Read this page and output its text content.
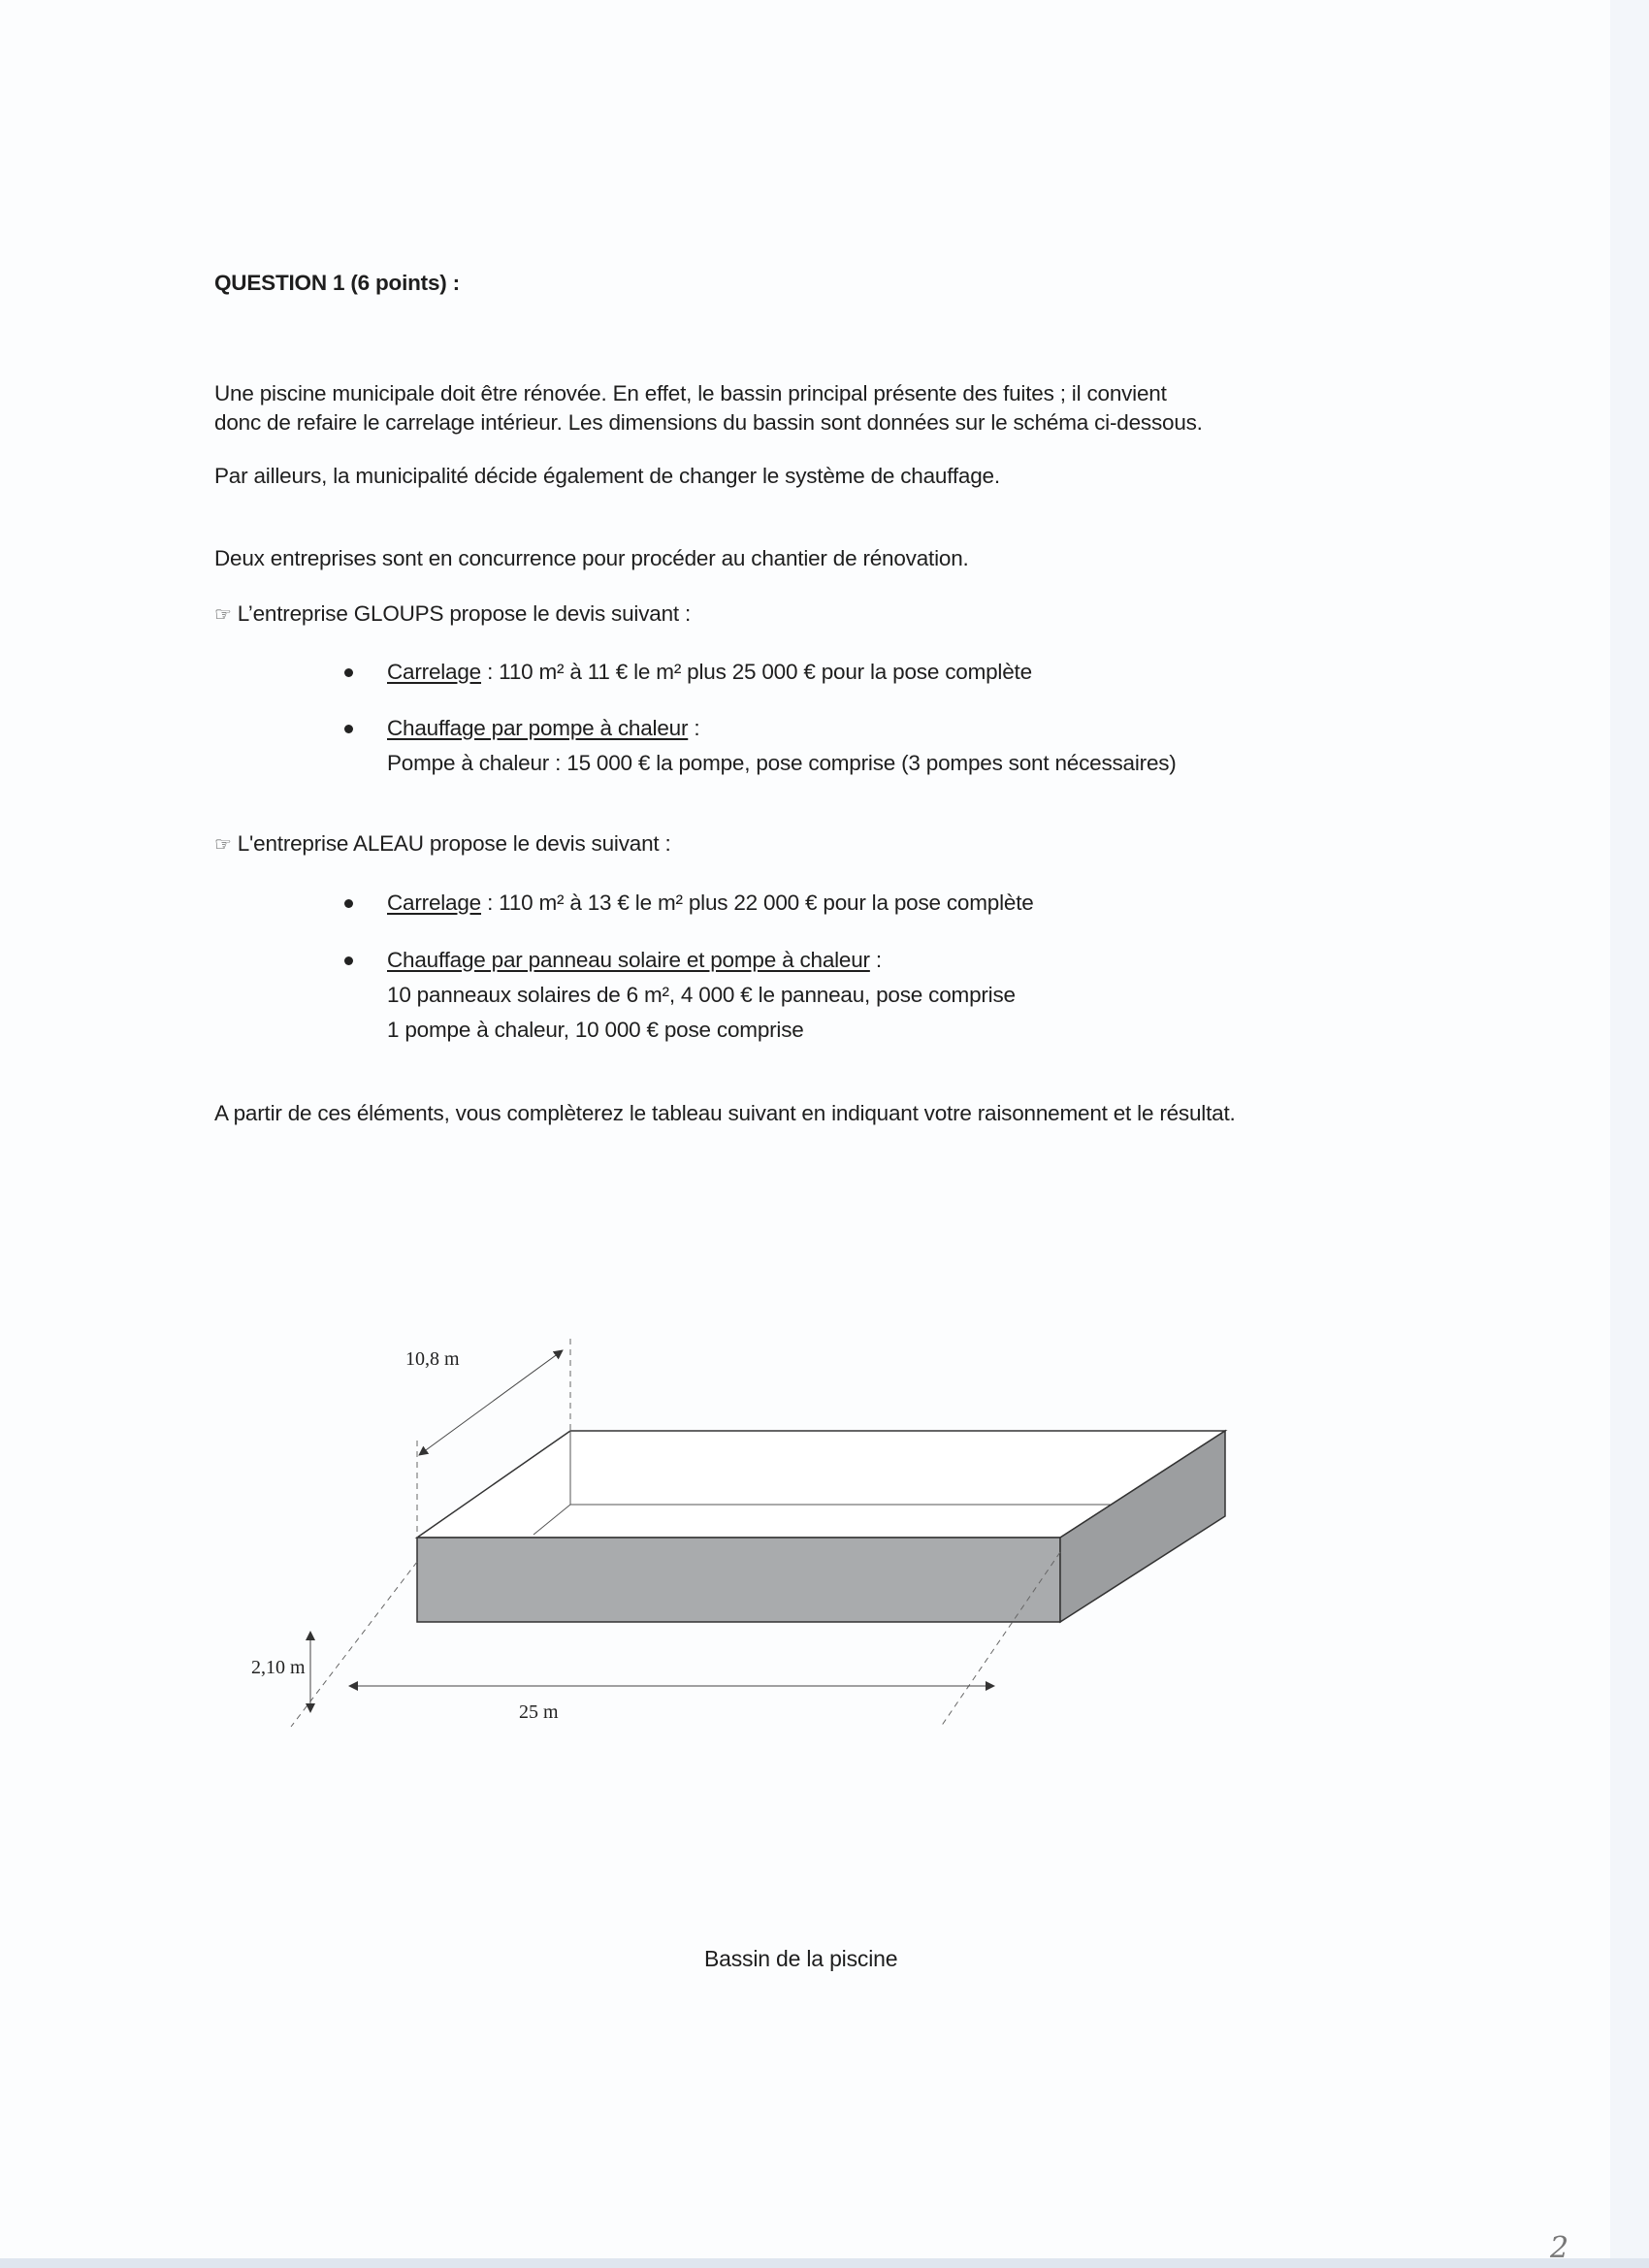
QUESTION 1 (6 points) :
Une piscine municipale doit être rénovée. En effet, le bassin principal présente des fuites ; il convient
donc de refaire le carrelage intérieur. Les dimensions du bassin sont données sur le schéma ci-dessous.
Par ailleurs, la municipalité décide également de changer le système de chauffage.
Deux entreprises sont en concurrence pour procéder au chantier de rénovation.
☞ L’entreprise GLOUPS propose le devis suivant :
Carrelage : 110 m² à 11 € le m² plus 25 000 € pour la pose complète
Chauffage par pompe à chaleur :
Pompe à chaleur : 15 000 € la pompe, pose comprise (3 pompes sont nécessaires)
☞ L'entreprise ALEAU propose le devis suivant :
Carrelage : 110 m² à 13 € le m² plus 22 000 € pour la pose complète
Chauffage par panneau solaire et pompe à chaleur :
10 panneaux solaires de 6 m², 4 000 € le panneau, pose comprise
1 pompe à chaleur, 10 000 € pose comprise
A partir de ces éléments, vous complèterez le tableau suivant en indiquant votre raisonnement et le résultat.
10,8 m
2,10 m
25 m
Bassin de la piscine
2
